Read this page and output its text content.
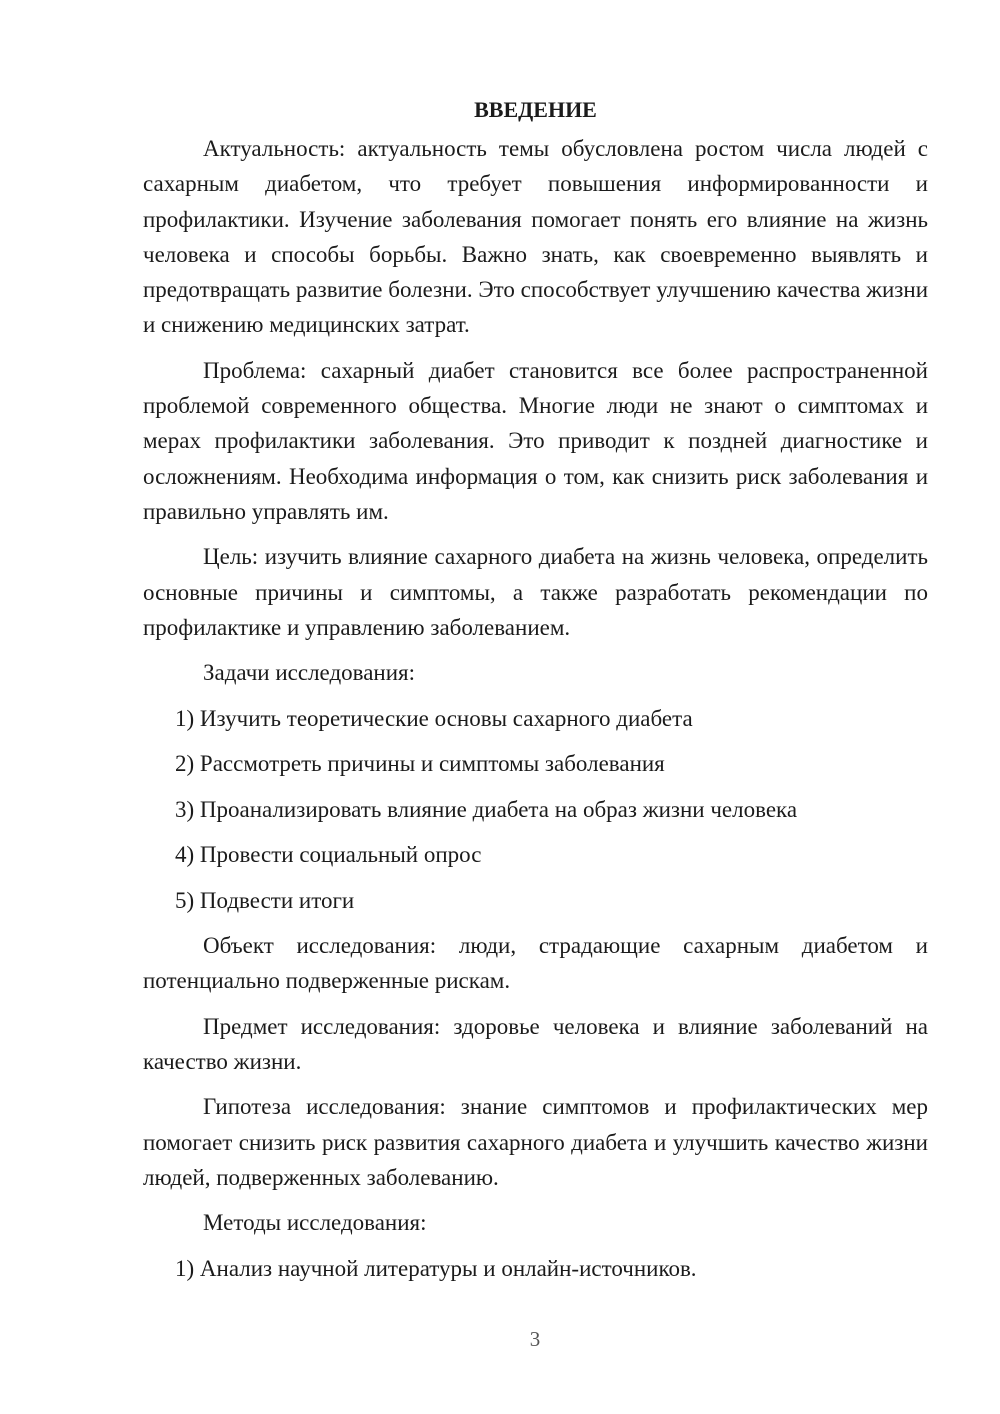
ВВЕДЕНИЕ

Актуальность: актуальность темы обусловлена ростом числа людей с сахарным диабетом, что требует повышения информированности и профилактики. Изучение заболевания помогает понять его влияние на жизнь человека и способы борьбы. Важно знать, как своевременно выявлять и предотвращать развитие болезни. Это способствует улучшению качества жизни и снижению медицинских затрат.

Проблема: сахарный диабет становится все более распространенной проблемой современного общества. Многие люди не знают о симптомах и мерах профилактики заболевания. Это приводит к поздней диагностике и осложнениям. Необходима информация о том, как снизить риск заболевания и правильно управлять им.

Цель: изучить влияние сахарного диабета на жизнь человека, определить основные причины и симптомы, а также разработать рекомендации по профилактике и управлению заболеванием.

Задачи исследования:
1) Изучить теоретические основы сахарного диабета
2) Рассмотреть причины и симптомы заболевания
3) Проанализировать влияние диабета на образ жизни человека
4) Провести социальный опрос
5) Подвести итоги

Объект исследования: люди, страдающие сахарным диабетом и потенциально подверженные рискам.

Предмет исследования: здоровье человека и влияние заболеваний на качество жизни.

Гипотеза исследования: знание симптомов и профилактических мер помогает снизить риск развития сахарного диабета и улучшить качество жизни людей, подверженных заболеванию.

Методы исследования:
1) Анализ научной литературы и онлайн-источников.
3
